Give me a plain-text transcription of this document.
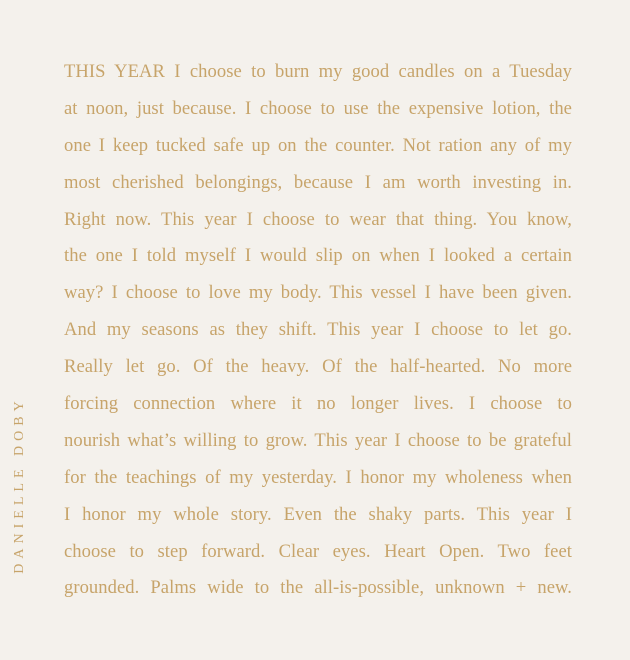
DANIELLE DOBY
THIS YEAR I choose to burn my good candles on a Tuesday
at noon, just because. I choose to use the expensive lotion, the
one I keep tucked safe up on the counter. Not ration any of my
most cherished belongings, because I am worth investing in.
Right now. This year I choose to wear that thing. You know,
the one I told myself I would slip on when I looked a certain
way? I choose to love my body. This vessel I have been given.
And my seasons as they shift. This year I choose to let go.
Really let go. Of the heavy. Of the half-hearted. No more
forcing connection where it no longer lives. I choose to
nourish what’s willing to grow. This year I choose to be grateful
for the teachings of my yesterday. I honor my wholeness when
I honor my whole story. Even the shaky parts. This year I
choose to step forward. Clear eyes. Heart Open. Two feet
grounded. Palms wide to the all-is-possible, unknown + new.
